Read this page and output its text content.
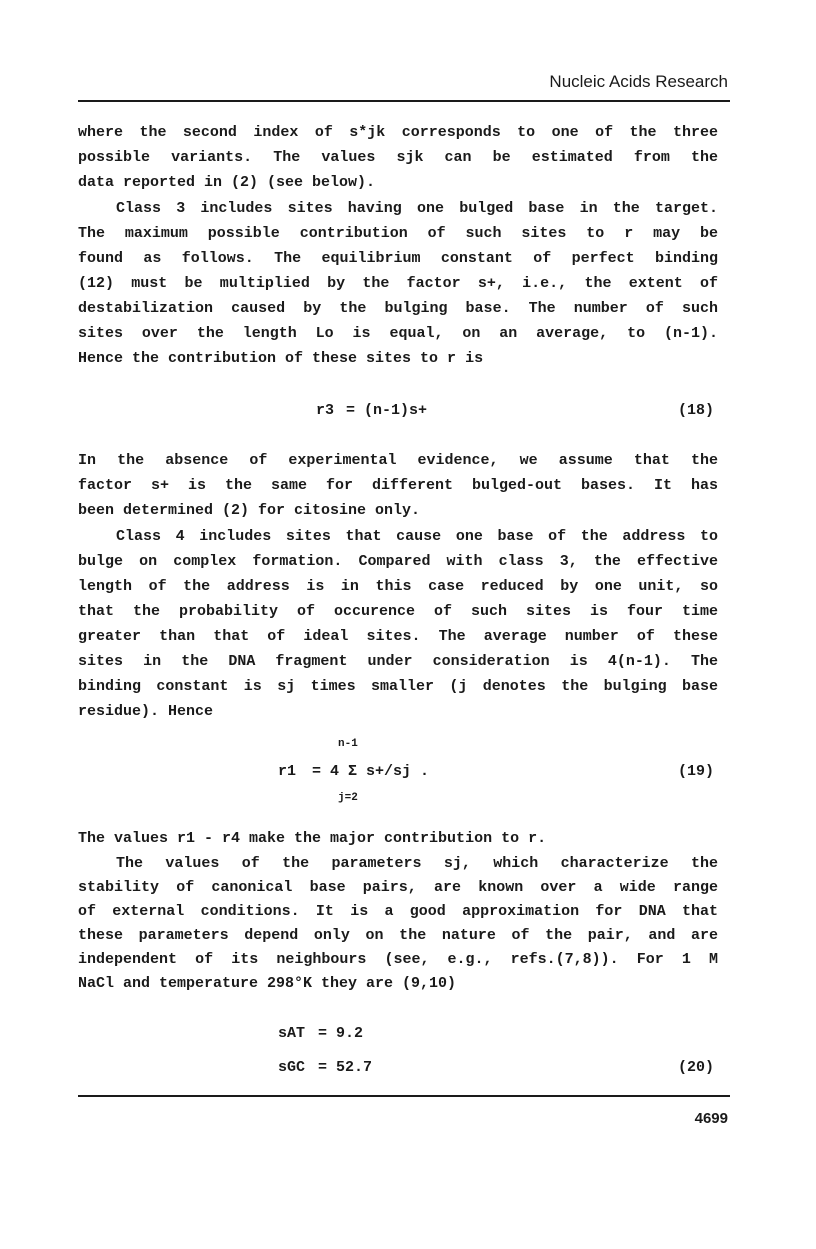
Nucleic Acids Research
where the second index of s*jk corresponds to one of the three
possible variants. The values sjk can be estimated from the
data reported in (2) (see below).
Class 3 includes sites having one bulged base in the target.
The maximum possible contribution of such sites to r may be
found as follows. The equilibrium constant of perfect binding
(12) must be multiplied by the factor s+, i.e., the extent of
destabilization caused by the bulging base. The number of such
sites over the length Lo is equal, on an average, to (n-1).
Hence the contribution of these sites to r is
r3 = (n-1)s+	(18)
In the absence of experimental evidence, we assume that the
factor s+ is the same for different bulged-out bases. It has
been determined (2) for citosine only.
Class 4 includes sites that cause one base of the address to
bulge on complex formation. Compared with class 3, the effective
length of the address is in this case reduced by one unit, so
that the probability of occurence of such sites is four time
greater than that of ideal sites. The average number of these
sites in the DNA fragment under consideration is 4(n-1). The
binding constant is sj times smaller (j denotes the bulging base
residue). Hence
n-1
r1 = 4 Σ s+/sj .
j=2
(19)
The values r1 - r4 make the major contribution to r.
The values of the parameters sj, which characterize the
stability of canonical base pairs, are known over a wide range
of external conditions. It is a good approximation for DNA that
these parameters depend only on the nature of the pair, and are
independent of its neighbours (see, e.g., refs.(7,8)). For 1 M
NaCl and temperature 298°K they are (9,10)
sAT = 9.2
sGC = 52.7	(20)
4699
